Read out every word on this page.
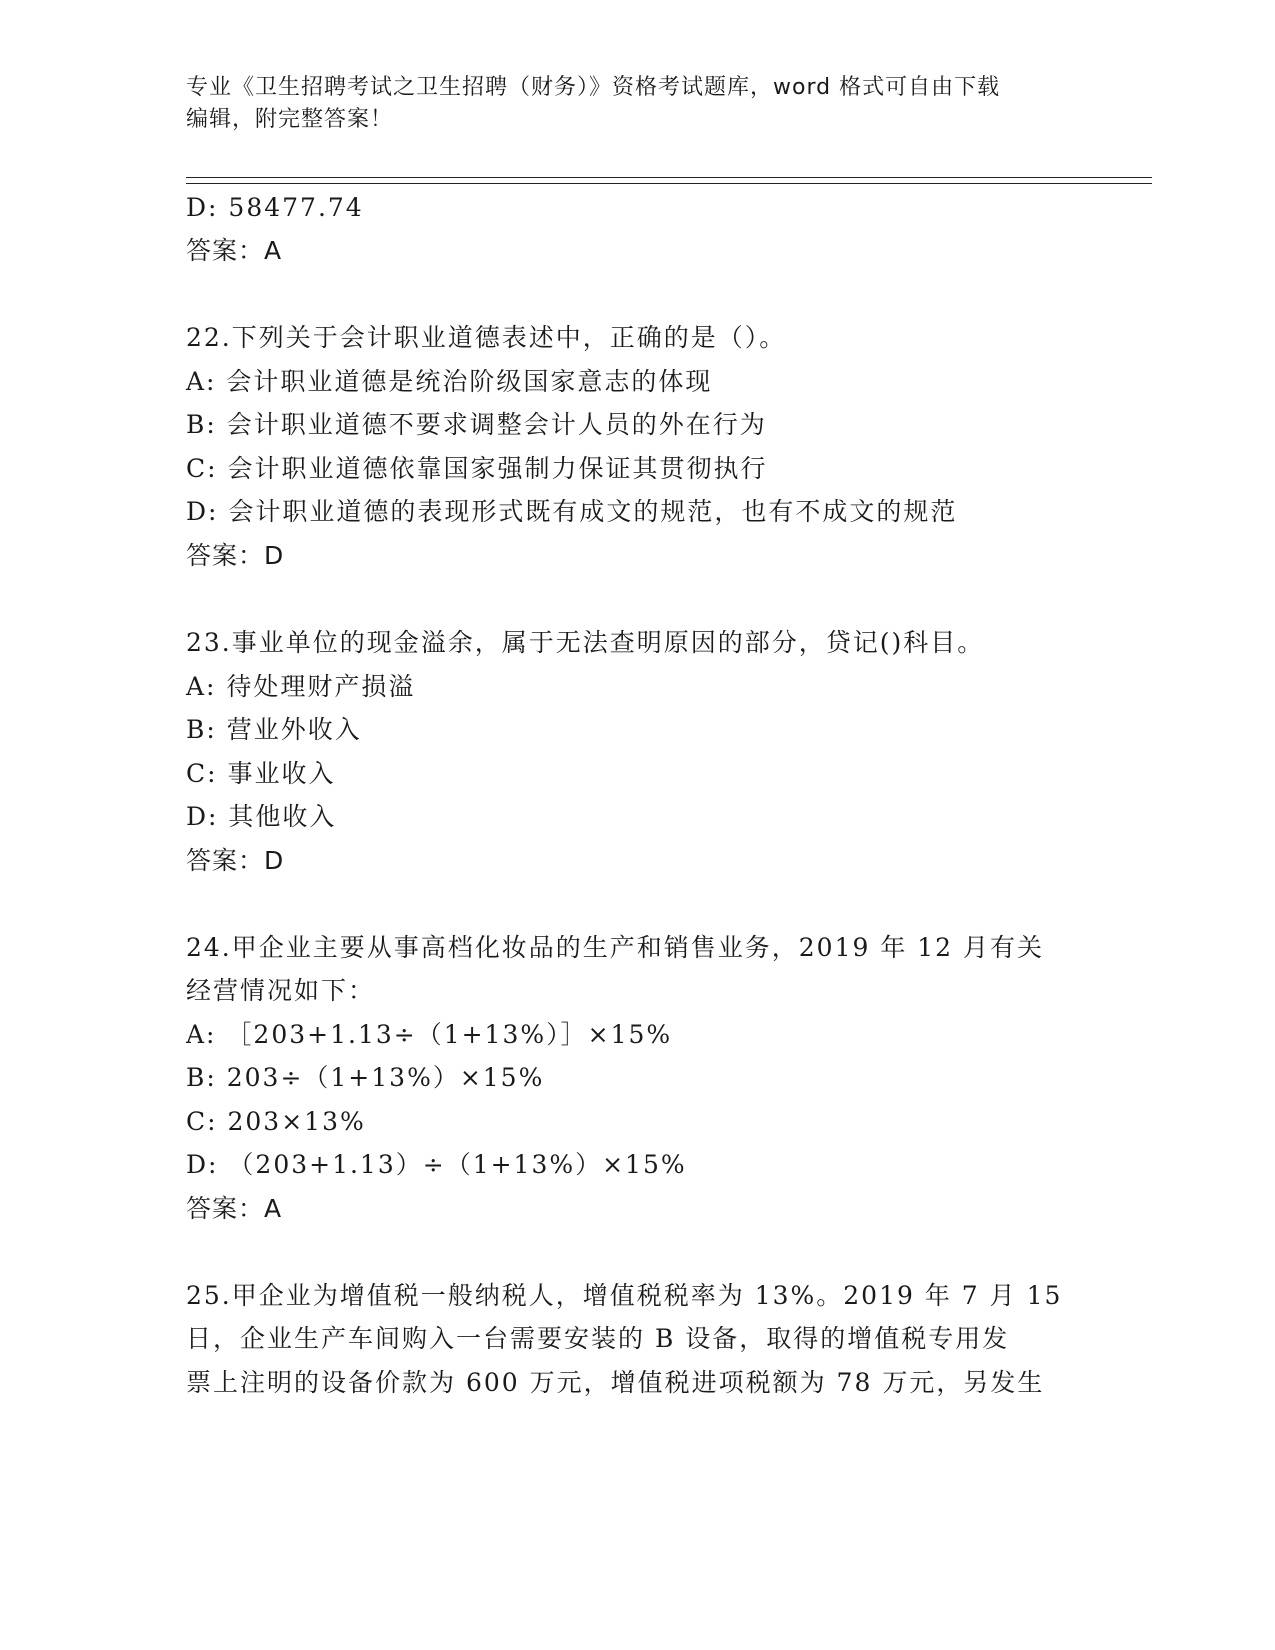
专业《卫生招聘考试之卫生招聘（财务）》资格考试题库，word 格式可自由下载
编辑，附完整答案！
D: 58477.74
答案：A
22.下列关于会计职业道德表述中，正确的是（）。
A: 会计职业道德是统治阶级国家意志的体现
B: 会计职业道德不要求调整会计人员的外在行为
C: 会计职业道德依靠国家强制力保证其贯彻执行
D: 会计职业道德的表现形式既有成文的规范，也有不成文的规范
答案：D
23.事业单位的现金溢余，属于无法查明原因的部分，贷记()科目。
A: 待处理财产损溢
B: 营业外收入
C: 事业收入
D: 其他收入
答案：D
24.甲企业主要从事高档化妆品的生产和销售业务，2019 年 12 月有关
经营情况如下：
A: ［203+1.13÷（1+13%）］×15%
B: 203÷（1+13%）×15%
C: 203×13%
D: （203+1.13）÷（1+13%）×15%
答案：A
25.甲企业为增值税一般纳税人，增值税税率为 13%。2019 年 7 月 15
日，企业生产车间购入一台需要安装的 B 设备，取得的增值税专用发
票上注明的设备价款为 600 万元，增值税进项税额为 78 万元，另发生
